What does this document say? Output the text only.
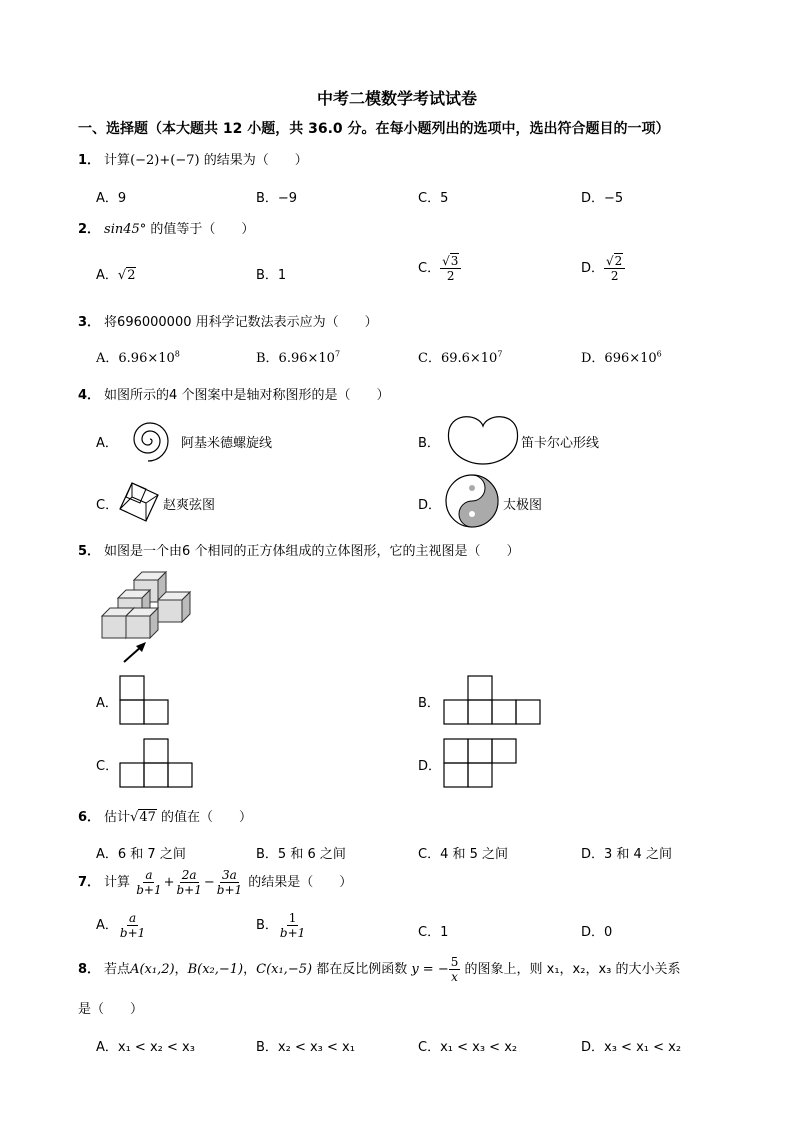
中考二模数学考试试卷
一、选择题（本大题共 12 小题，共 36.0 分。在每小题列出的选项中，选出符合题目的一项）
1． 计算(−2)+(−7) 的结果为（　　）
A．9	B．−9	C．5	D．−5
2． sin45° 的值等于（　　）
A．√2	B．1	C． $\frac{√3}{2}$	D． $\frac{√2}{2}$
3． 将696000000 用科学记数法表示应为（　　）
A．$6.96\times 10^8$	B．$6.96\times 10^7$	C．$69.6\times 10^7$	D．$696\times 10^6$
4． 如图所示的4 个图案中是轴对称图形的是（　　）
A．	阿基米德螺旋线	B．	笛卡尔心形线
C．	赵爽弦图	D．	太极图
5． 如图是一个由6 个相同的正方体组成的立体图形，它的主视图是（　　）
A．	B．
C．	D．
6． 估计√47 的值在（　　）
A．6 和 7 之间	B．5 和 6 之间	C．4 和 5 之间	D．3 和 4 之间
7． 计算 $\frac{a}{b+1} + \frac{2a}{b+1} - \frac{3a}{b+1}$ 的结果是（　　）
A． $\frac{a}{b+1}$	B． $\frac{1}{b+1}$	C．1	D．0
8． 若点A(x₁,2)，B(x₂,−1)，C(x₁,−5) 都在反比例函数 y = − $\frac{5}{x}$ 的图象上，则 x₁，x₂，x₃ 的大小关系
是（　　）
A．x₁ < x₂ < x₃	B．x₂ < x₃ < x₁	C．x₁ < x₃ < x₂	D．x₃ < x₁ < x₂
